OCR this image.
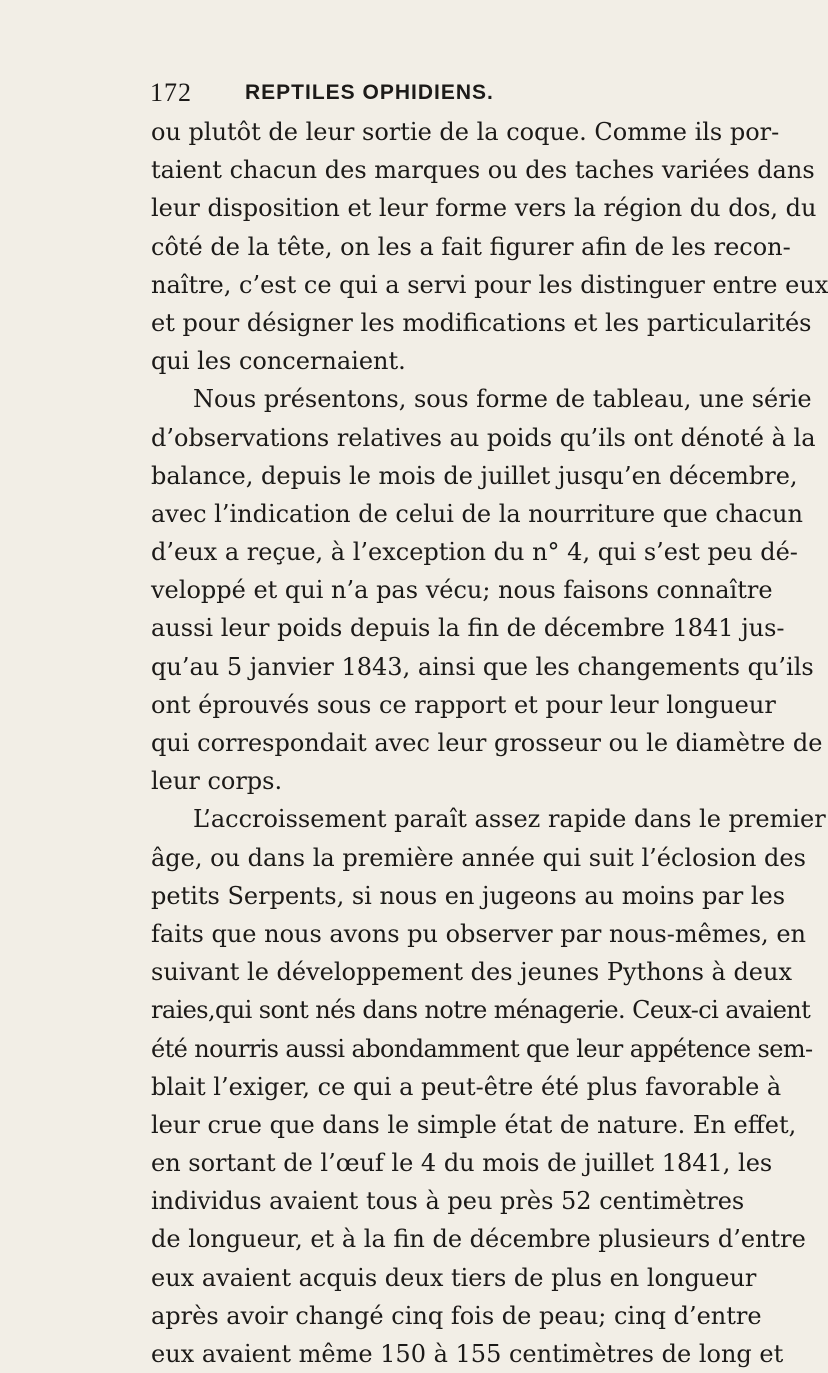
172	REPTILES OPHIDIENS.
ou plutôt de leur sortie de la coque. Comme ils por-
taient chacun des marques ou des taches variées dans
leur disposition et leur forme vers la région du dos, du
côté de la tête, on les a fait figurer afin de les recon-
naître, c’est ce qui a servi pour les distinguer entre eux
et pour désigner les modifications et les particularités
qui les concernaient.
Nous présentons, sous forme de tableau, une série
d’observations relatives au poids qu’ils ont dénoté à la
balance, depuis le mois de juillet jusqu’en décembre,
avec l’indication de celui de la nourriture que chacun
d’eux a reçue, à l’exception du n° 4, qui s’est peu dé-
veloppé et qui n’a pas vécu; nous faisons connaître
aussi leur poids depuis la fin de décembre 1841 jus-
qu’au 5 janvier 1843, ainsi que les changements qu’ils
ont éprouvés sous ce rapport et pour leur longueur
qui correspondait avec leur grosseur ou le diamètre de
leur corps.
L’accroissement paraît assez rapide dans le premier
âge, ou dans la première année qui suit l’éclosion des
petits Serpents, si nous en jugeons au moins par les
faits que nous avons pu observer par nous-mêmes, en
suivant le développement des jeunes Pythons à deux
raies,qui sont nés dans notre ménagerie. Ceux-ci avaient
été nourris aussi abondamment que leur appétence sem-
blait l’exiger, ce qui a peut-être été plus favorable à
leur crue que dans le simple état de nature. En effet,
en sortant de l’œuf le 4 du mois de juillet 1841, les
individus avaient tous à peu près 52 centimètres
de longueur, et à la fin de décembre plusieurs d’entre
eux avaient acquis deux tiers de plus en longueur
après avoir changé cinq fois de peau; cinq d’entre
eux avaient même 150 à 155 centimètres de long et
